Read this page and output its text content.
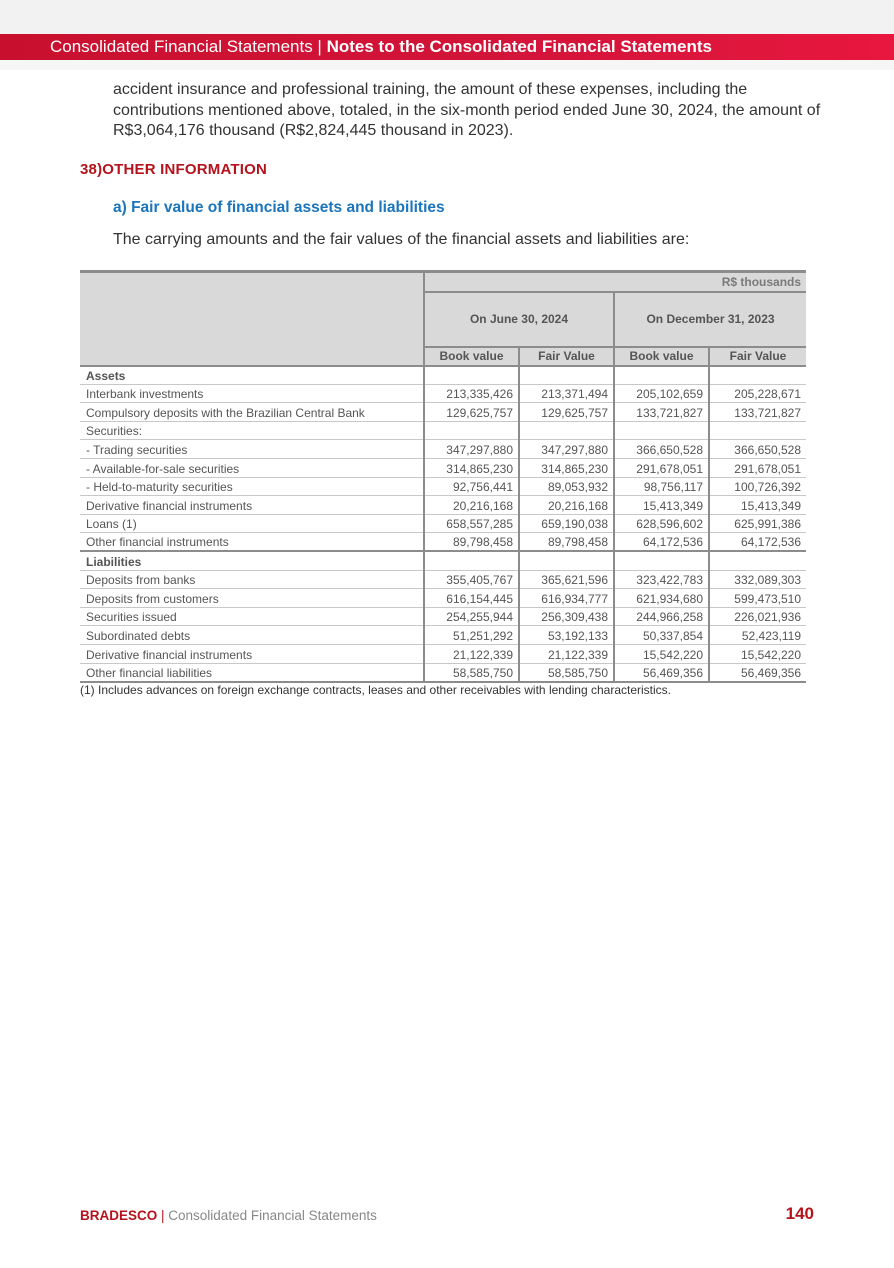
Consolidated Financial Statements | Notes to the Consolidated Financial Statements

accident insurance and professional training, the amount of these expenses, including the contributions mentioned above, totaled, in the six-month period ended June 30, 2024, the amount of R$3,064,176 thousand (R$2,824,445 thousand in 2023).

38)OTHER INFORMATION
a) Fair value of financial assets and liabilities
The carrying amounts and the fair values of the financial assets and liabilities are:
	R$ thousands			
	On June 30, 2024		On December 31, 2023	
	Book value	Fair Value	Book value	Fair Value
Assets				
Interbank investments	213,335,426	213,371,494	205,102,659	205,228,671
Compulsory deposits with the Brazilian Central Bank	129,625,757	129,625,757	133,721,827	133,721,827
Securities:				
- Trading securities	347,297,880	347,297,880	366,650,528	366,650,528
- Available-for-sale securities	314,865,230	314,865,230	291,678,051	291,678,051
- Held-to-maturity securities	92,756,441	89,053,932	98,756,117	100,726,392
Derivative financial instruments	20,216,168	20,216,168	15,413,349	15,413,349
Loans (1)	658,557,285	659,190,038	628,596,602	625,991,386
Other financial instruments	89,798,458	89,798,458	64,172,536	64,172,536
Liabilities				
Deposits from banks	355,405,767	365,621,596	323,422,783	332,089,303
Deposits from customers	616,154,445	616,934,777	621,934,680	599,473,510
Securities issued	254,255,944	256,309,438	244,966,258	226,021,936
Subordinated debts	51,251,292	53,192,133	50,337,854	52,423,119
Derivative financial instruments	21,122,339	21,122,339	15,542,220	15,542,220
Other financial liabilities	58,585,750	58,585,750	56,469,356	56,469,356
(1) Includes advances on foreign exchange contracts, leases and other receivables with lending characteristics.
BRADESCO | Consolidated Financial Statements	140
